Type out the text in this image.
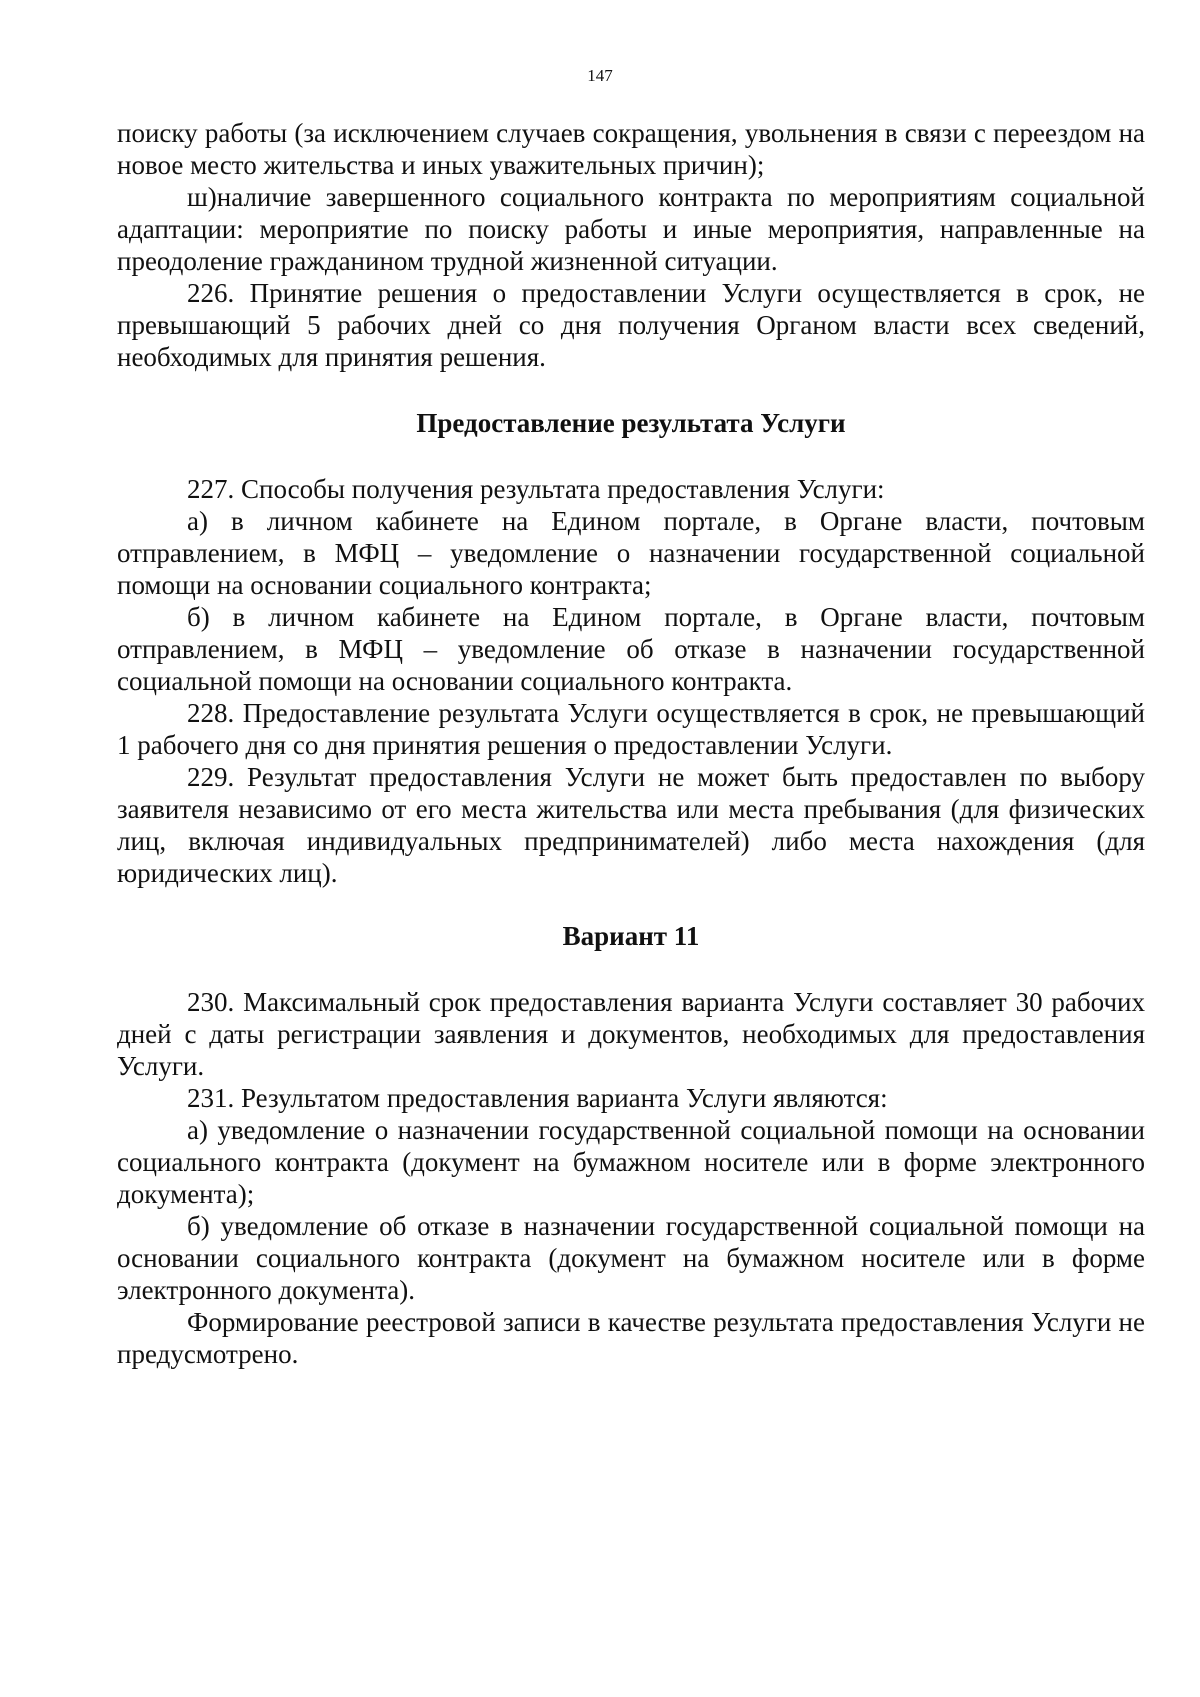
147

поиску работы (за исключением случаев сокращения, увольнения в связи с переездом на новое место жительства и иных уважительных причин);

ш)наличие завершенного социального контракта по мероприятиям социальной адаптации: мероприятие по поиску работы и иные мероприятия, направленные на преодоление гражданином трудной жизненной ситуации.

226. Принятие решения о предоставлении Услуги осуществляется в срок, не превышающий 5 рабочих дней со дня получения Органом власти всех сведений, необходимых для принятия решения.

Предоставление результата Услуги

227. Способы получения результата предоставления Услуги:

а) в личном кабинете на Едином портале, в Органе власти, почтовым отправлением, в МФЦ – уведомление о назначении государственной социальной помощи на основании социального контракта;

б) в личном кабинете на Едином портале, в Органе власти, почтовым отправлением, в МФЦ – уведомление об отказе в назначении государственной социальной помощи на основании социального контракта.

228. Предоставление результата Услуги осуществляется в срок, не превышающий 1 рабочего дня со дня принятия решения о предоставлении Услуги.

229. Результат предоставления Услуги не может быть предоставлен по выбору заявителя независимо от его места жительства или места пребывания (для физических лиц, включая индивидуальных предпринимателей) либо места нахождения (для юридических лиц).

Вариант 11

230. Максимальный срок предоставления варианта Услуги составляет 30 рабочих дней с даты регистрации заявления и документов, необходимых для предоставления Услуги.

231. Результатом предоставления варианта Услуги являются:

а) уведомление о назначении государственной социальной помощи на основании социального контракта (документ на бумажном носителе или в форме электронного документа);

б) уведомление об отказе в назначении государственной социальной помощи на основании социального контракта (документ на бумажном носителе или в форме электронного документа).

Формирование реестровой записи в качестве результата предоставления Услуги не предусмотрено.
